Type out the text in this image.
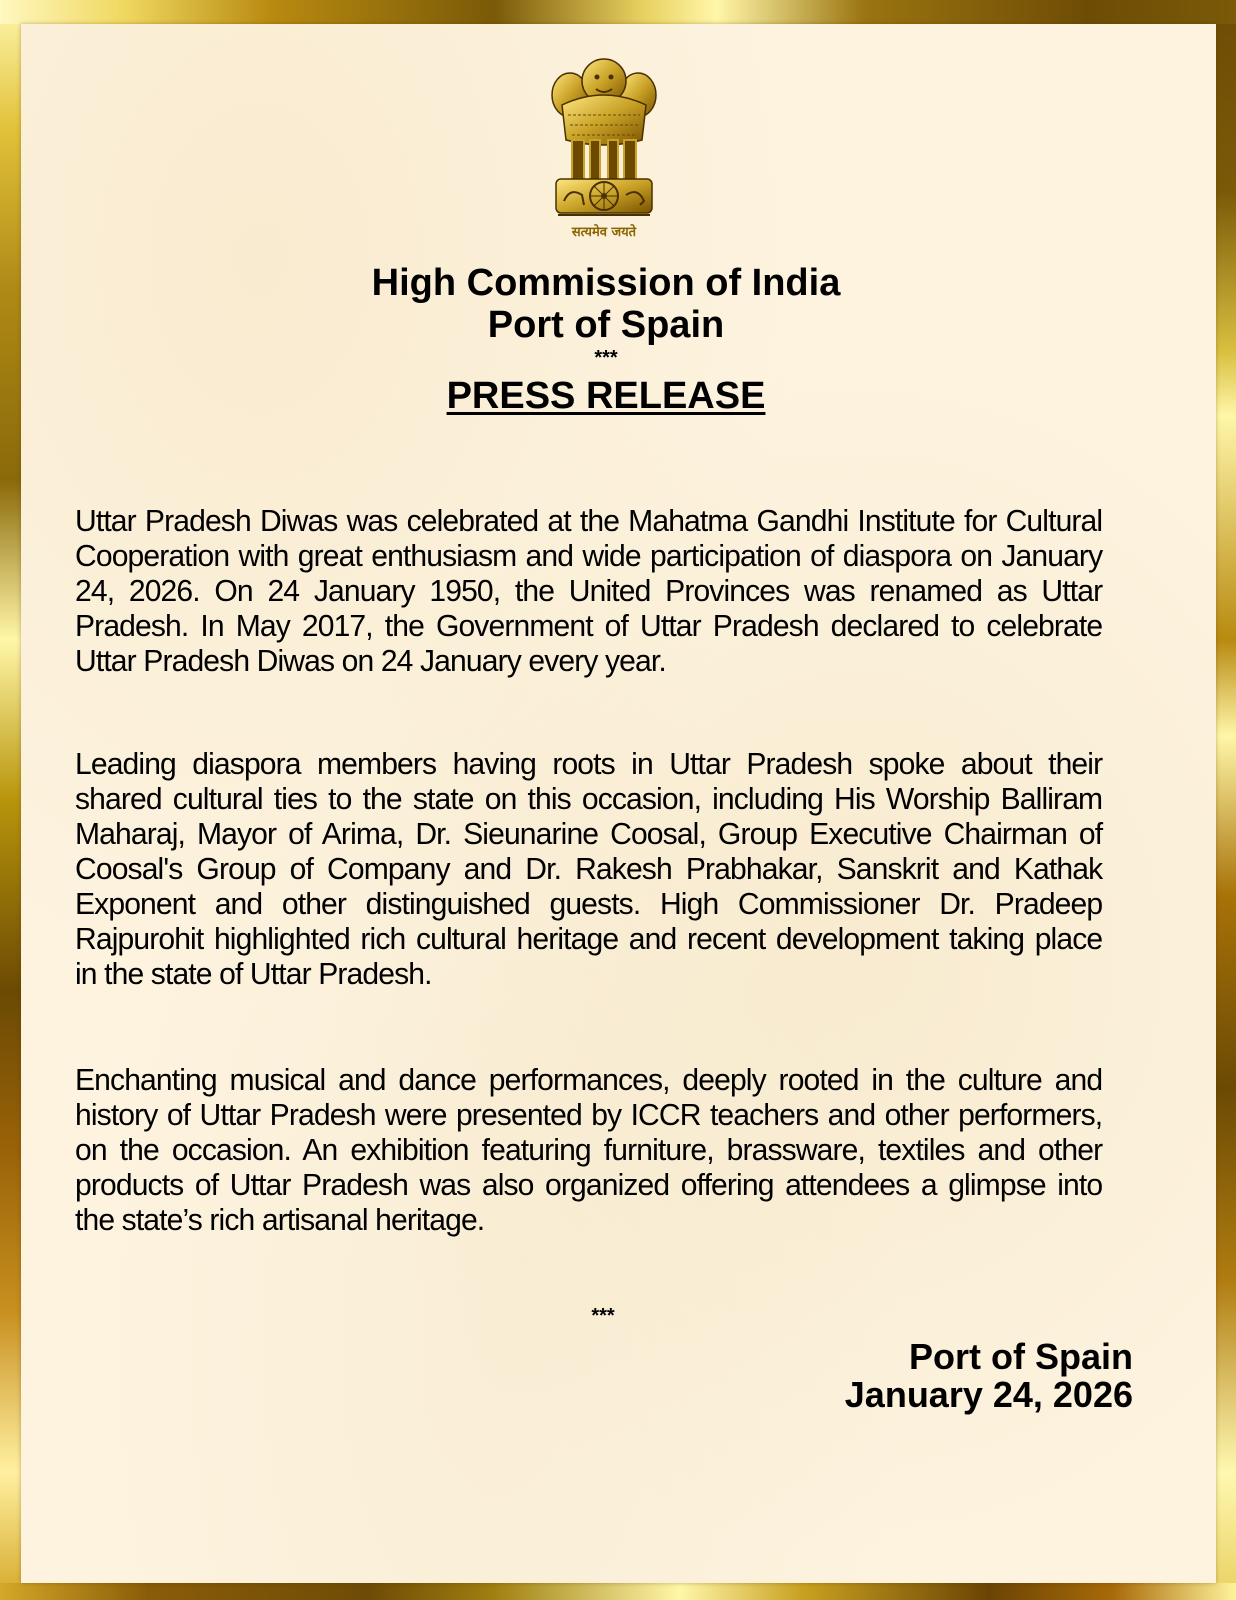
सत्यमेव जयते
High Commission of India
Port of Spain
***
PRESS RELEASE
Uttar Pradesh Diwas was celebrated at the Mahatma Gandhi Institute for Cultural Cooperation with great enthusiasm and wide participation of diaspora on January 24, 2026. On 24 January 1950, the United Provinces was renamed as Uttar Pradesh. In May 2017, the Government of Uttar Pradesh declared to celebrate Uttar Pradesh Diwas on 24 January every year.
Leading diaspora members having roots in Uttar Pradesh spoke about their shared cultural ties to the state on this occasion, including His Worship Balliram Maharaj, Mayor of Arima, Dr. Sieunarine Coosal, Group Executive Chairman of Coosal's Group of Company and Dr. Rakesh Prabhakar, Sanskrit and Kathak Exponent and other distinguished guests. High Commissioner Dr. Pradeep Rajpurohit highlighted rich cultural heritage and recent development taking place in the state of Uttar Pradesh.
Enchanting musical and dance performances, deeply rooted in the culture and history of Uttar Pradesh were presented by ICCR teachers and other performers, on the occasion. An exhibition featuring furniture, brassware, textiles and other products of Uttar Pradesh was also organized offering attendees a glimpse into the state’s rich artisanal heritage.
***
Port of Spain
January 24, 2026
